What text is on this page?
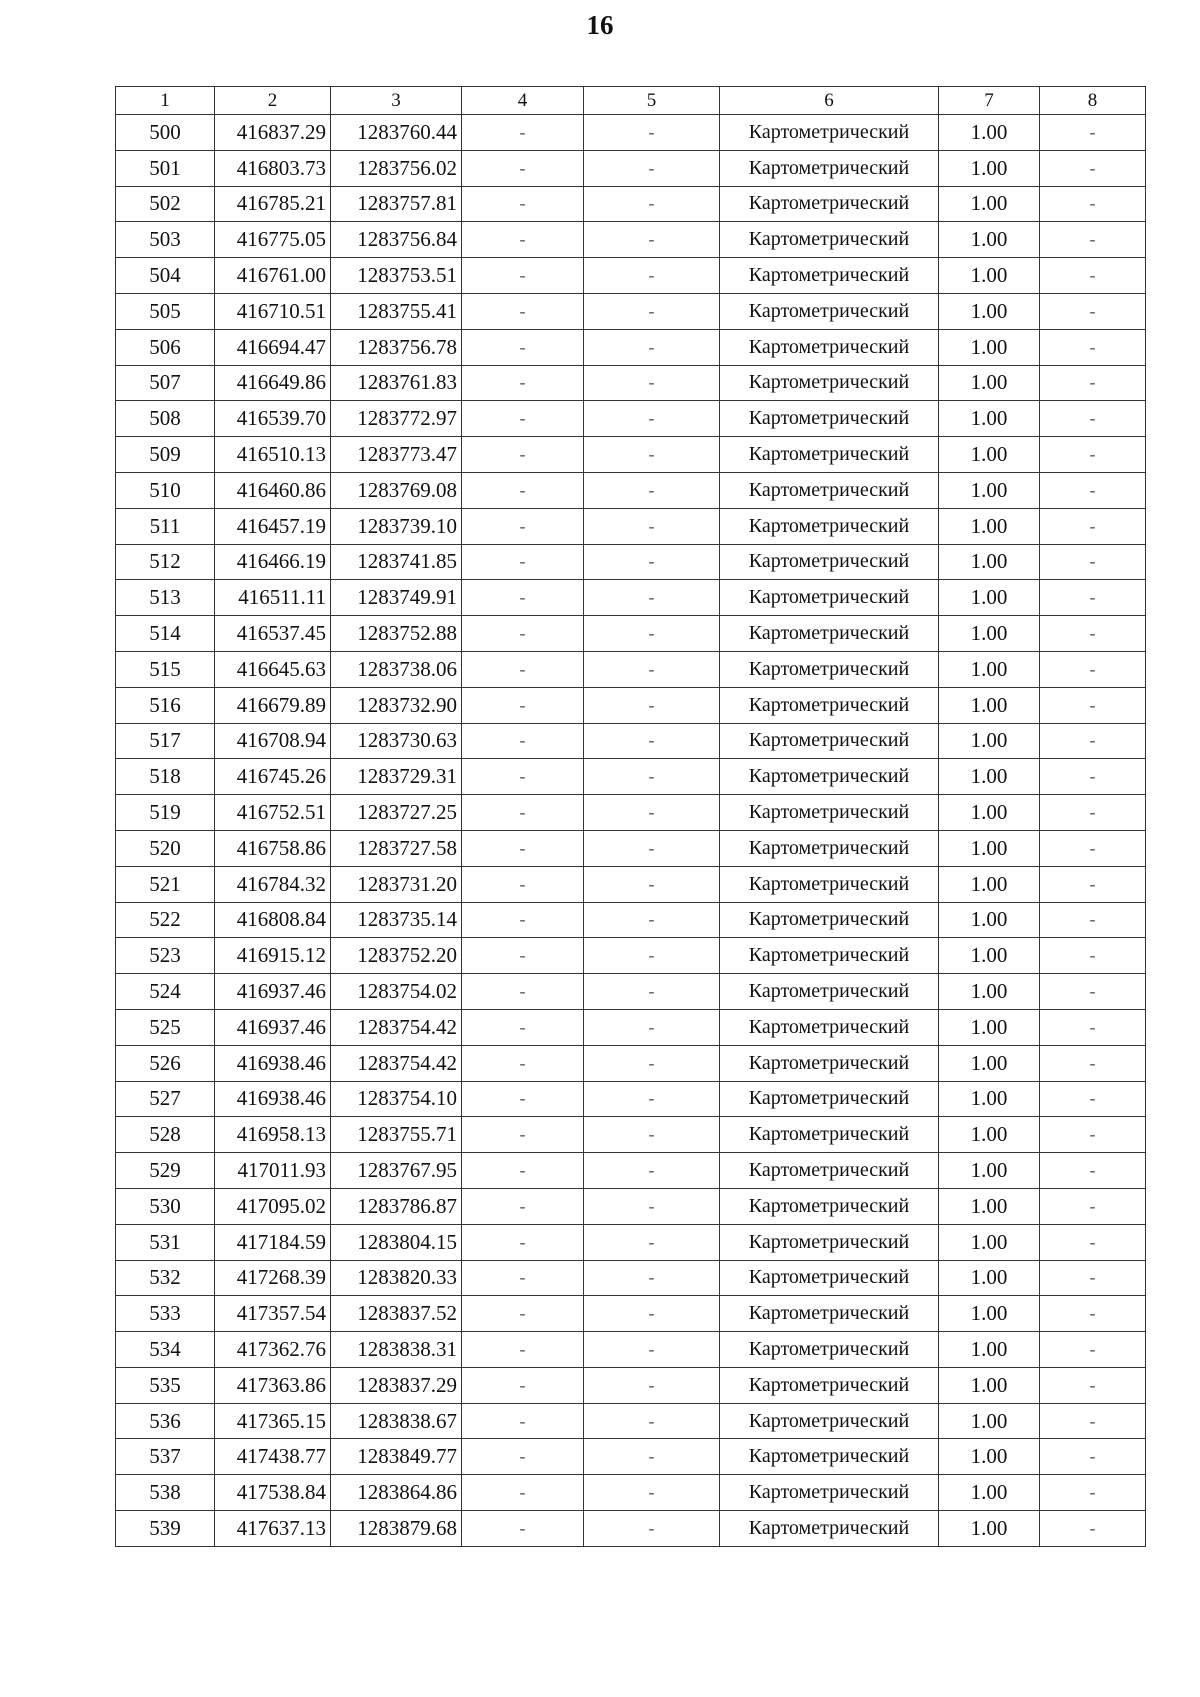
16
1	2	3	4	5	6	7	8
500	416837.29	1283760.44	-	-	Картометрический	1.00	-
501	416803.73	1283756.02	-	-	Картометрический	1.00	-
502	416785.21	1283757.81	-	-	Картометрический	1.00	-
503	416775.05	1283756.84	-	-	Картометрический	1.00	-
504	416761.00	1283753.51	-	-	Картометрический	1.00	-
505	416710.51	1283755.41	-	-	Картометрический	1.00	-
506	416694.47	1283756.78	-	-	Картометрический	1.00	-
507	416649.86	1283761.83	-	-	Картометрический	1.00	-
508	416539.70	1283772.97	-	-	Картометрический	1.00	-
509	416510.13	1283773.47	-	-	Картометрический	1.00	-
510	416460.86	1283769.08	-	-	Картометрический	1.00	-
511	416457.19	1283739.10	-	-	Картометрический	1.00	-
512	416466.19	1283741.85	-	-	Картометрический	1.00	-
513	416511.11	1283749.91	-	-	Картометрический	1.00	-
514	416537.45	1283752.88	-	-	Картометрический	1.00	-
515	416645.63	1283738.06	-	-	Картометрический	1.00	-
516	416679.89	1283732.90	-	-	Картометрический	1.00	-
517	416708.94	1283730.63	-	-	Картометрический	1.00	-
518	416745.26	1283729.31	-	-	Картометрический	1.00	-
519	416752.51	1283727.25	-	-	Картометрический	1.00	-
520	416758.86	1283727.58	-	-	Картометрический	1.00	-
521	416784.32	1283731.20	-	-	Картометрический	1.00	-
522	416808.84	1283735.14	-	-	Картометрический	1.00	-
523	416915.12	1283752.20	-	-	Картометрический	1.00	-
524	416937.46	1283754.02	-	-	Картометрический	1.00	-
525	416937.46	1283754.42	-	-	Картометрический	1.00	-
526	416938.46	1283754.42	-	-	Картометрический	1.00	-
527	416938.46	1283754.10	-	-	Картометрический	1.00	-
528	416958.13	1283755.71	-	-	Картометрический	1.00	-
529	417011.93	1283767.95	-	-	Картометрический	1.00	-
530	417095.02	1283786.87	-	-	Картометрический	1.00	-
531	417184.59	1283804.15	-	-	Картометрический	1.00	-
532	417268.39	1283820.33	-	-	Картометрический	1.00	-
533	417357.54	1283837.52	-	-	Картометрический	1.00	-
534	417362.76	1283838.31	-	-	Картометрический	1.00	-
535	417363.86	1283837.29	-	-	Картометрический	1.00	-
536	417365.15	1283838.67	-	-	Картометрический	1.00	-
537	417438.77	1283849.77	-	-	Картометрический	1.00	-
538	417538.84	1283864.86	-	-	Картометрический	1.00	-
539	417637.13	1283879.68	-	-	Картометрический	1.00	-
